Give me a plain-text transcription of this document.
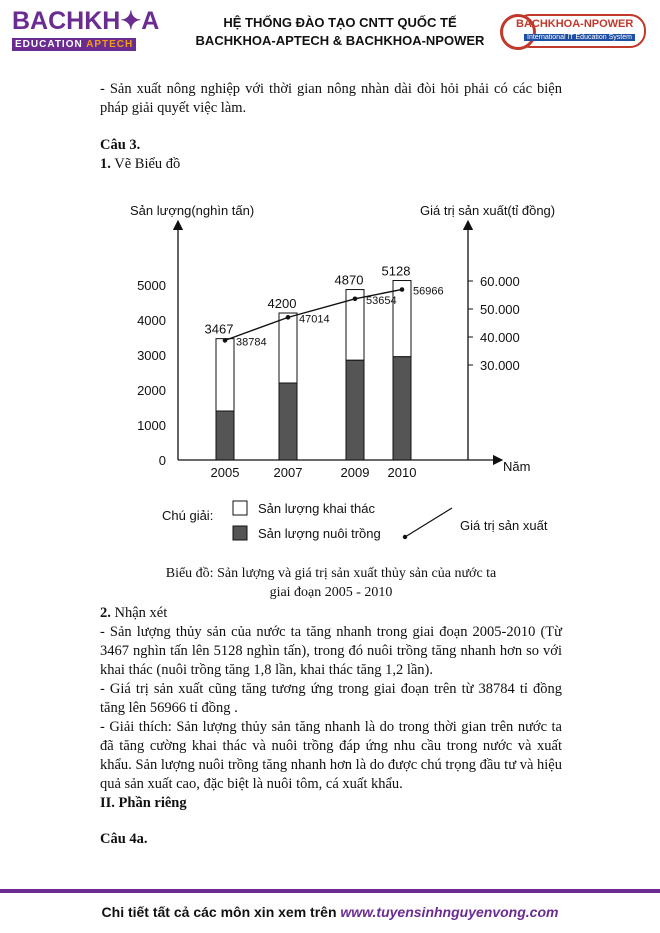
BACHKH✦A
EDUCATION APTECH
HỆ THỐNG ĐÀO TẠO CNTT QUỐC TẾ
BACHKHOA-APTECH & BACHKHOA-NPOWER
BACHKHOA-NPOWER
International IT Education System

- Sản xuất nông nghiệp với thời gian nông nhàn dài đòi hỏi phải có các biện pháp giải quyết việc làm.

Câu 3.

1. Vẽ Biểu đồ

Sản lượng(nghìn tấn)	Giá trị sản xuất(tỉ đồng)
Năm
Chú giải:	Sản lượng khai thác
Sản lượng nuôi trồng
Giá trị sản xuất
0
1000
2000
3000
4000
5000
30.000
40.000
50.000
60.000
2005
3467
2007
4200
2009
4870
2010
5128
38784
47014
53654
56966
Biểu đồ: Sản lượng và giá trị sản xuất thủy sản của nước ta
giai đoạn 2005 - 2010

2. Nhận xét

- Sản lượng thủy sản của nước ta tăng nhanh trong giai đoạn 2005-2010 (Từ 3467 nghìn tấn lên 5128 nghìn tấn), trong đó nuôi trồng tăng nhanh hơn so với khai thác (nuôi trồng tăng 1,8 lần, khai thác tăng 1,2 lần).

- Giá trị sản xuất cũng tăng tương ứng trong giai đoạn trên từ 38784 tỉ đồng tăng lên 56966 tỉ đồng .

- Giải thích: Sản lượng thủy sản tăng nhanh là do trong thời gian trên nước ta đã tăng cường khai thác và nuôi trồng đáp ứng nhu cầu trong nước và xuất khẩu. Sản lượng nuôi trồng tăng nhanh hơn là do được chú trọng đầu tư và hiệu quả sản xuất cao, đặc biệt là nuôi tôm, cá xuất khẩu.

II. Phần riêng
Câu 4a.
Chi tiết tất cả các môn xin xem trên www.tuyensinhnguyenvong.com
